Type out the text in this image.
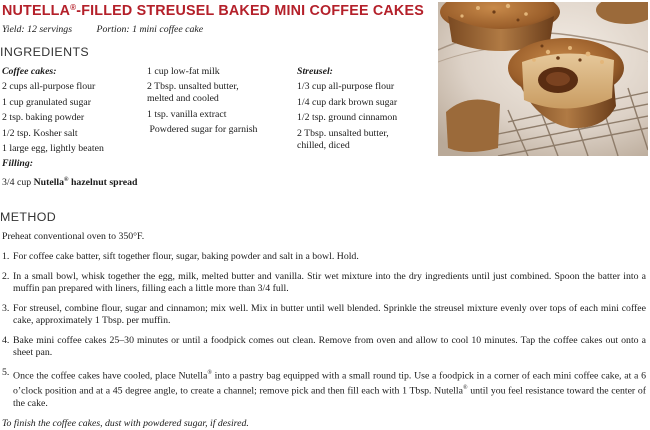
NUTELLA®-FILLED STREUSEL BAKED MINI COFFEE CAKES
Yield: 12 servings Portion: 1 mini coffee cake
INGREDIENTS
Coffee cakes:
2 cups all-purpose flour
1 cup granulated sugar
2 tsp. baking powder
1/2 tsp. Kosher salt
1 large egg, lightly beaten
Filling:
3/4 cup Nutella® hazelnut spread
1 cup low-fat milk
2 Tbsp. unsalted butter,
melted and cooled
1 tsp. vanilla extract
Powdered sugar for garnish
Streusel:
1/3 cup all-purpose flour
1/4 cup dark brown sugar
1/2 tsp. ground cinnamon
2 Tbsp. unsalted butter,
chilled, diced
METHOD

Preheat conventional oven to 350°F.

1. For coffee cake batter, sift together flour, sugar, baking powder and salt in a bowl. Hold.
2. In a small bowl, whisk together the egg, milk, melted butter and vanilla. Stir wet mixture into the dry ingredients until just combined. Spoon the batter into a muffin pan prepared with liners, filling each a little more than 3/4 full.
3. For streusel, combine flour, sugar and cinnamon; mix well. Mix in butter until well blended. Sprinkle the streusel mixture evenly over tops of each mini coffee cake, approximately 1 Tbsp. per muffin.
4. Bake mini coffee cakes 25–30 minutes or until a foodpick comes out clean. Remove from oven and allow to cool 10 minutes. Tap the coffee cakes out onto a sheet pan.
5. Once the coffee cakes have cooled, place Nutella® into a pastry bag equipped with a small round tip. Use a foodpick in a corner of each mini coffee cake, at a 6 o’clock position and at a 45 degree angle, to create a channel; remove pick and then fill each with 1 Tbsp. Nutella® until you feel resistance toward the center of the cake.
To finish the coffee cakes, dust with powdered sugar, if desired.
